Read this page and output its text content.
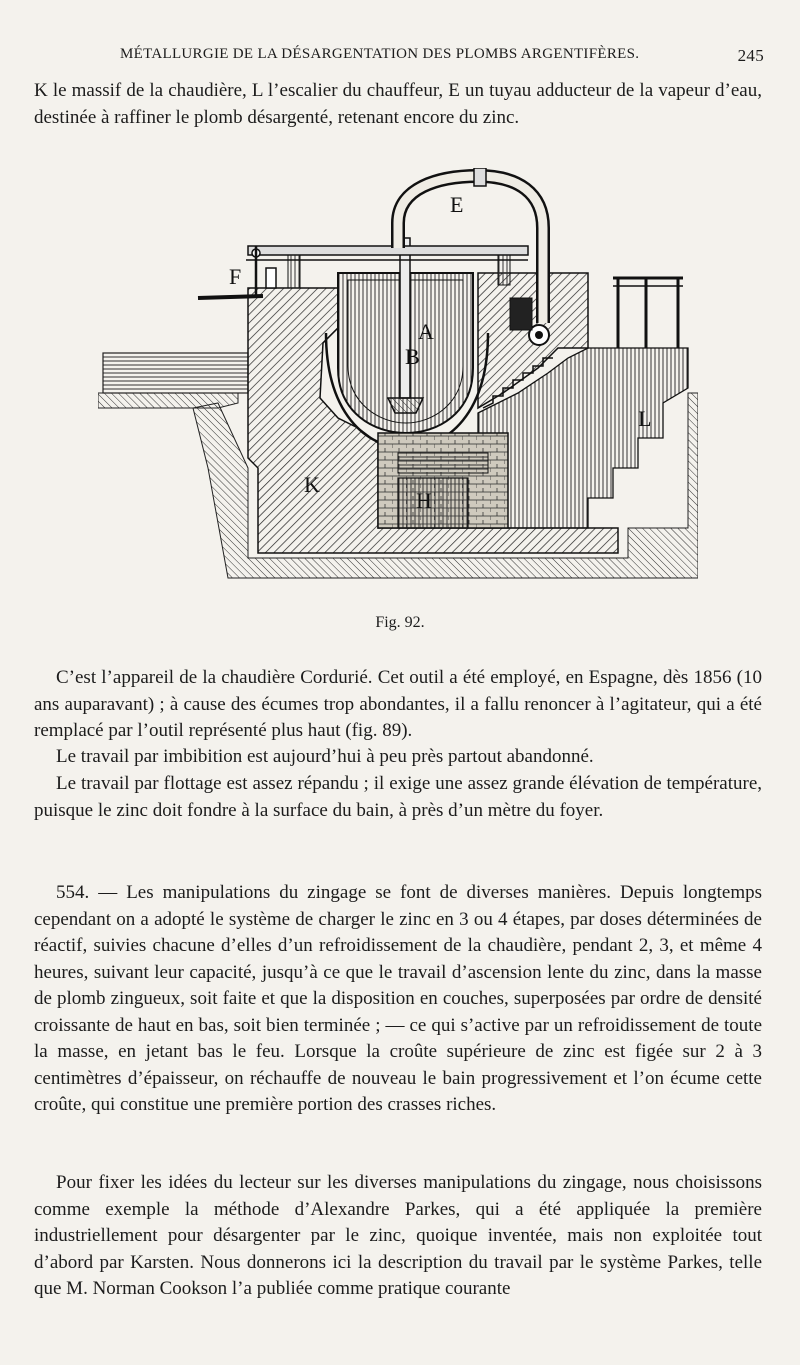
MÉTALLURGIE DE LA DÉSARGENTATION DES PLOMBS ARGENTIFÈRES.	245

K le massif de la chaudière, L l’escalier du chauffeur, E un tuyau adducteur de la vapeur d’eau, destinée à raffiner le plomb désargenté, retenant encore du zinc.

E
F
A
B
K
L
H
Fig. 92.

C’est l’appareil de la chaudière Cordurié. Cet outil a été employé, en Espagne, dès 1856 (10 ans auparavant) ; à cause des écumes trop abondantes, il a fallu renoncer à l’agitateur, qui a été remplacé par l’outil représenté plus haut (fig. 89).

Le travail par imbibition est aujourd’hui à peu près partout abandonné.

Le travail par flottage est assez répandu ; il exige une assez grande élévation de température, puisque le zinc doit fondre à la surface du bain, à près d’un mètre du foyer.

554. — Les manipulations du zingage se font de diverses manières. Depuis longtemps cependant on a adopté le système de charger le zinc en 3 ou 4 étapes, par doses déterminées de réactif, suivies chacune d’elles d’un refroidissement de la chaudière, pendant 2, 3, et même 4 heures, suivant leur capacité, jusqu’à ce que le travail d’ascension lente du zinc, dans la masse de plomb zingueux, soit faite et que la disposition en couches, superposées par ordre de densité croissante de haut en bas, soit bien terminée ; — ce qui s’active par un refroidissement de toute la masse, en jetant bas le feu. Lorsque la croûte supérieure de zinc est figée sur 2 à 3 centimètres d’épaisseur, on réchauffe de nouveau le bain progressivement et l’on écume cette croûte, qui constitue une première portion des crasses riches.

Pour fixer les idées du lecteur sur les diverses manipulations du zingage, nous choisissons comme exemple la méthode d’Alexandre Parkes, qui a été appliquée la première industriellement pour désargenter par le zinc, quoique inventée, mais non exploitée tout d’abord par Karsten. Nous donnerons ici la description du travail par le système Parkes, telle que M. Norman Cookson l’a publiée comme pratique courante
